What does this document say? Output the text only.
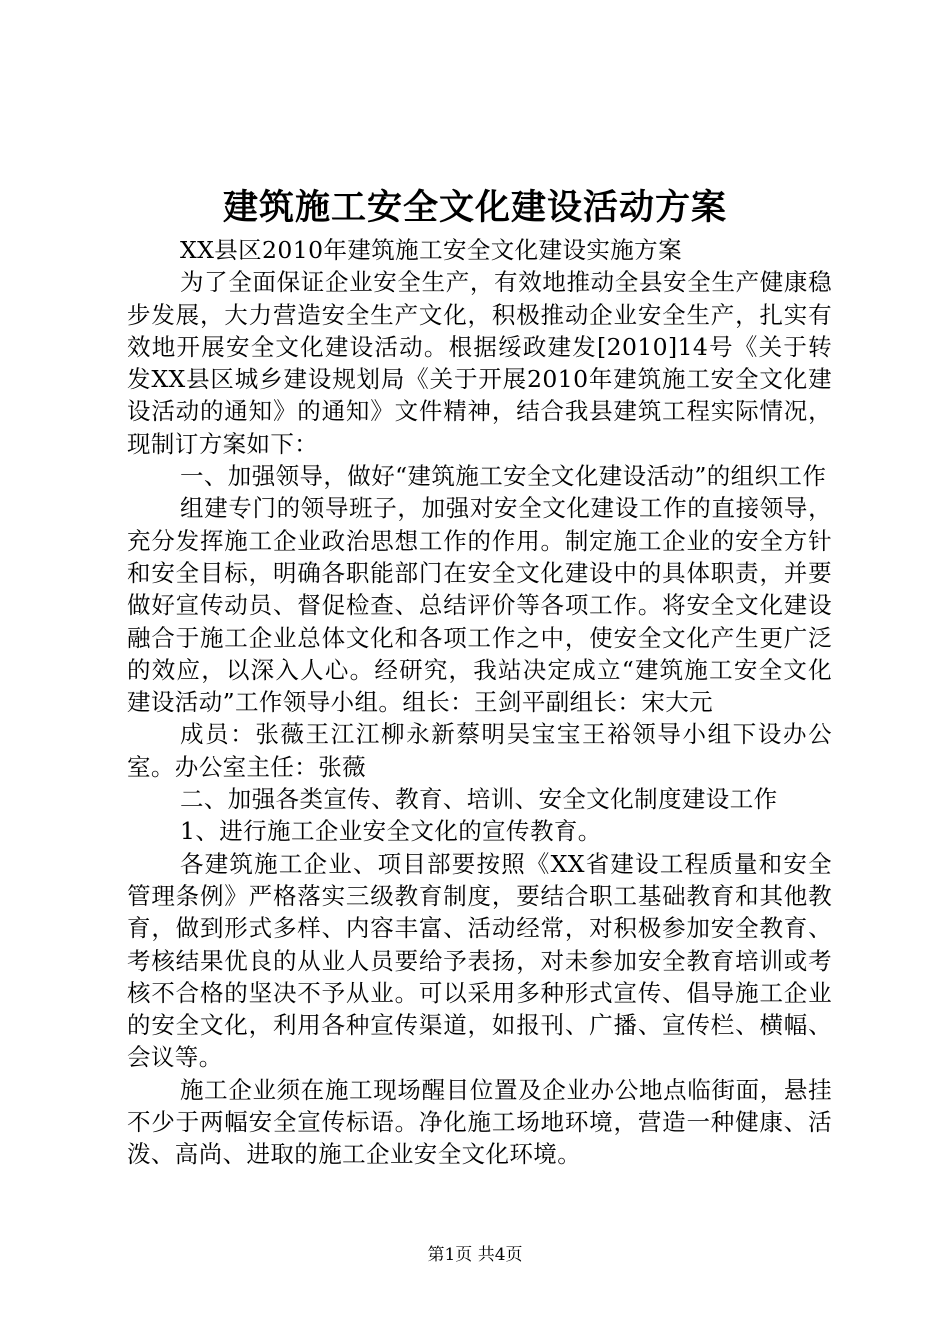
建筑施工安全文化建设活动方案

XX县区2010年建筑施工安全文化建设实施方案

为了全面保证企业安全生产，有效地推动全县安全生产健康稳步发展，大力营造安全生产文化，积极推动企业安全生产，扎实有效地开展安全文化建设活动。根据绥政建发[2010]14号《关于转发XX县区城乡建设规划局《关于开展2010年建筑施工安全文化建设活动的通知》的通知》文件精神，结合我县建筑工程实际情况，现制订方案如下：

一、加强领导，做好“建筑施工安全文化建设活动”的组织工作

组建专门的领导班子，加强对安全文化建设工作的直接领导，充分发挥施工企业政治思想工作的作用。制定施工企业的安全方针和安全目标，明确各职能部门在安全文化建设中的具体职责，并要做好宣传动员、督促检查、总结评价等各项工作。将安全文化建设融合于施工企业总体文化和各项工作之中，使安全文化产生更广泛的效应，以深入人心。经研究，我站决定成立“建筑施工安全文化建设活动”工作领导小组。组长：王剑平副组长：宋大元

成员：张薇王江江柳永新蔡明吴宝宝王裕领导小组下设办公室。办公室主任：张薇

二、加强各类宣传、教育、培训、安全文化制度建设工作

1、进行施工企业安全文化的宣传教育。

各建筑施工企业、项目部要按照《XX省建设工程质量和安全管理条例》严格落实三级教育制度，要结合职工基础教育和其他教育，做到形式多样、内容丰富、活动经常，对积极参加安全教育、考核结果优良的从业人员要给予表扬，对未参加安全教育培训或考核不合格的坚决不予从业。可以采用多种形式宣传、倡导施工企业的安全文化，利用各种宣传渠道，如报刊、广播、宣传栏、横幅、会议等。

施工企业须在施工现场醒目位置及企业办公地点临街面，悬挂不少于两幅安全宣传标语。净化施工场地环境，营造一种健康、活泼、高尚、进取的施工企业安全文化环境。

第1页 共4页
